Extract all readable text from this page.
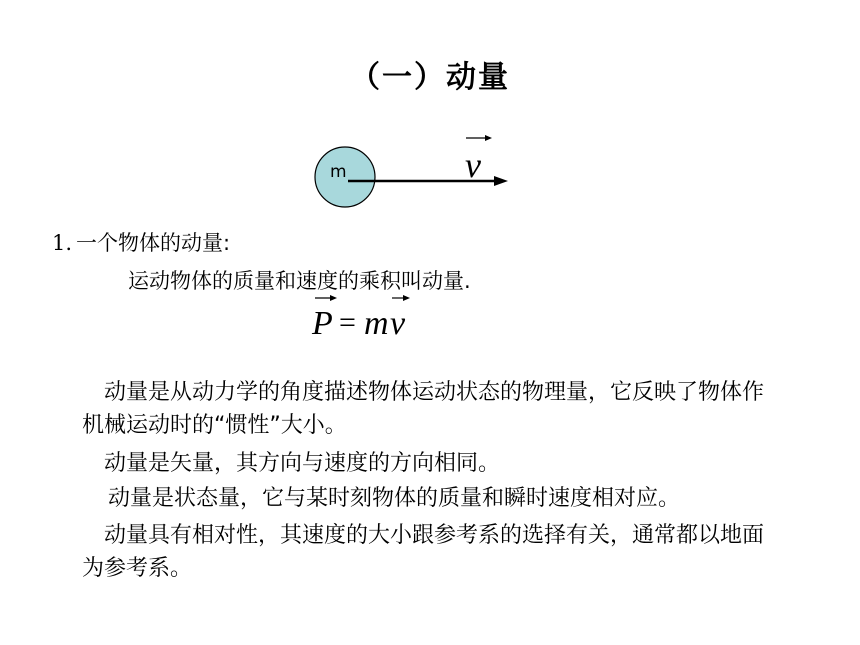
（一）动量
m	v
1. 一个物体的动量:
运动物体的质量和速度的乘积叫动量.
P = m v
动量是从动力学的角度描述物体运动状态的物理量，它反映了物体作机械运动时的“惯性”大小。
动量是矢量，其方向与速度的方向相同。
动量是状态量，它与某时刻物体的质量和瞬时速度相对应。
动量具有相对性，其速度的大小跟参考系的选择有关，通常都以地面为参考系。
